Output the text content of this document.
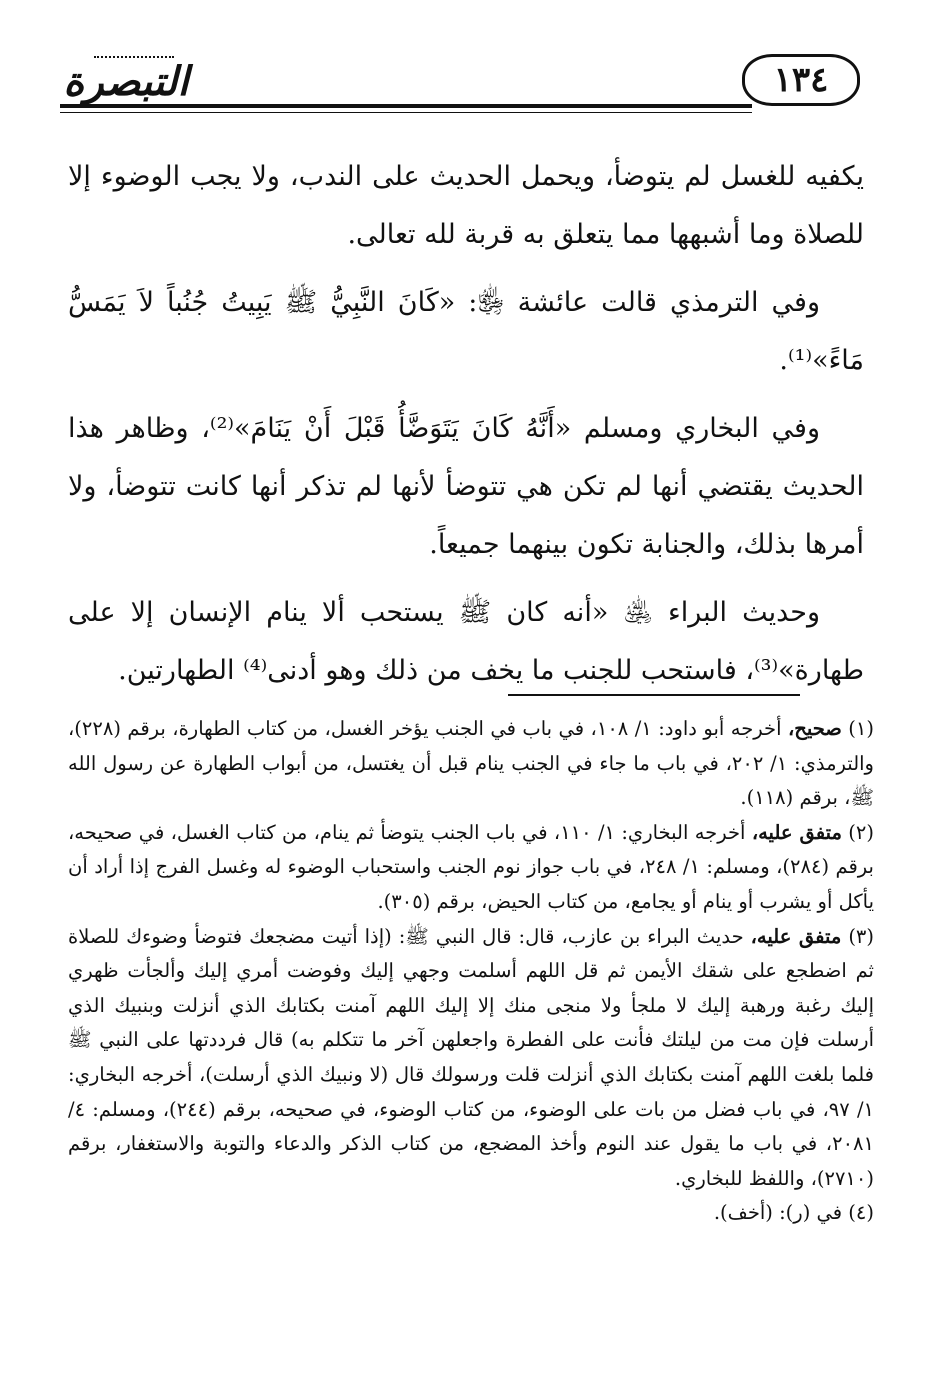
التبصرة	١٣٤

يكفيه للغسل لم يتوضأ، ويحمل الحديث على الندب، ولا يجب الوضوء إلا للصلاة وما أشبهها مما يتعلق به قربة لله تعالى.

وفي الترمذي قالت عائشة ﵂: «كَانَ النَّبِيُّ ﷺ يَبِيتُ جُنُباً لاَ يَمَسُّ مَاءً»⁽¹⁾.

وفي البخاري ومسلم «أَنَّهُ كَانَ يَتَوَضَّأُ قَبْلَ أَنْ يَنَامَ»⁽²⁾، وظاهر هذا الحديث يقتضي أنها لم تكن هي تتوضأ لأنها لم تذكر أنها كانت تتوضأ، ولا أمرها بذلك، والجنابة تكون بينهما جميعاً.

وحديث البراء ﵁ «أنه كان ﷺ يستحب ألا ينام الإنسان إلا على طهارة»⁽³⁾، فاستحب للجنب ما يخف من ذلك وهو أدنى⁽⁴⁾ الطهارتين.

(١) صحيح، أخرجه أبو داود: ١/ ١٠٨، في باب في الجنب يؤخر الغسل، من كتاب الطهارة، برقم (٢٢٨)، والترمذي: ١/ ٢٠٢، في باب ما جاء في الجنب ينام قبل أن يغتسل، من أبواب الطهارة عن رسول الله ﷺ، برقم (١١٨).

(٢) متفق عليه، أخرجه البخاري: ١/ ١١٠، في باب الجنب يتوضأ ثم ينام، من كتاب الغسل، في صحيحه، برقم (٢٨٤)، ومسلم: ١/ ٢٤٨، في باب جواز نوم الجنب واستحباب الوضوء له وغسل الفرج إذا أراد أن يأكل أو يشرب أو ينام أو يجامع، من كتاب الحيض، برقم (٣٠٥).

(٣) متفق عليه، حديث البراء بن عازب، قال: قال النبي ﷺ: (إذا أتيت مضجعك فتوضأ وضوءك للصلاة ثم اضطجع على شقك الأيمن ثم قل اللهم أسلمت وجهي إليك وفوضت أمري إليك وألجأت ظهري إليك رغبة ورهبة إليك لا ملجأ ولا منجى منك إلا إليك اللهم آمنت بكتابك الذي أنزلت وبنبيك الذي أرسلت فإن مت من ليلتك فأنت على الفطرة واجعلهن آخر ما تتكلم به) قال فرددتها على النبي ﷺ فلما بلغت اللهم آمنت بكتابك الذي أنزلت قلت ورسولك قال (لا ونبيك الذي أرسلت)، أخرجه البخاري: ١/ ٩٧، في باب فضل من بات على الوضوء، من كتاب الوضوء، في صحيحه، برقم (٢٤٤)، ومسلم: ٤/ ٢٠٨١، في باب ما يقول عند النوم وأخذ المضجع، من كتاب الذكر والدعاء والتوبة والاستغفار، برقم (٢٧١٠)، واللفظ للبخاري.

(٤) في (ر): (أخف).
